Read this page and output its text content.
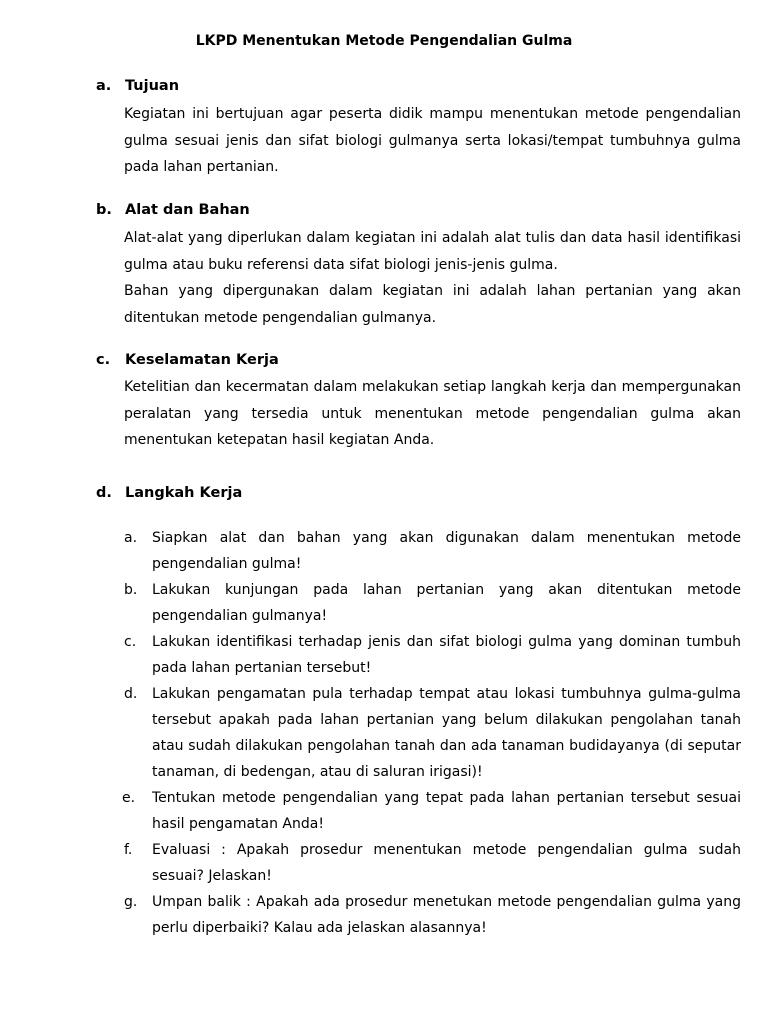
LKPD Menentukan Metode Pengendalian Gulma
a. Tujuan

Kegiatan ini bertujuan agar peserta didik mampu menentukan metode pengendalian gulma sesuai jenis dan sifat biologi gulmanya serta lokasi/tempat tumbuhnya gulma pada lahan pertanian.

b. Alat dan Bahan

Alat-alat yang diperlukan dalam kegiatan ini adalah alat tulis dan data hasil identifikasi gulma atau buku referensi data sifat biologi jenis-jenis gulma.

Bahan yang dipergunakan dalam kegiatan ini adalah lahan pertanian yang akan ditentukan metode pengendalian gulmanya.

c. Keselamatan Kerja

Ketelitian dan kecermatan dalam melakukan setiap langkah kerja dan mempergunakan peralatan yang tersedia untuk menentukan metode pengendalian gulma akan menentukan ketepatan hasil kegiatan Anda.

d. Langkah Kerja
a. Siapkan alat dan bahan yang akan digunakan dalam menentukan metode pengendalian gulma!
b. Lakukan kunjungan pada lahan pertanian yang akan ditentukan metode pengendalian gulmanya!
c. Lakukan identifikasi terhadap jenis dan sifat biologi gulma yang dominan tumbuh pada lahan pertanian tersebut!
d. Lakukan pengamatan pula terhadap tempat atau lokasi tumbuhnya gulma-gulma tersebut apakah pada lahan pertanian yang belum dilakukan pengolahan tanah atau sudah dilakukan pengolahan tanah dan ada tanaman budidayanya (di seputar tanaman, di bedengan, atau di saluran irigasi)!
e. Tentukan metode pengendalian yang tepat pada lahan pertanian tersebut sesuai hasil pengamatan Anda!
f. Evaluasi : Apakah prosedur menentukan metode pengendalian gulma sudah sesuai? Jelaskan!
g. Umpan balik : Apakah ada prosedur menetukan metode pengendalian gulma yang perlu diperbaiki? Kalau ada jelaskan alasannya!
